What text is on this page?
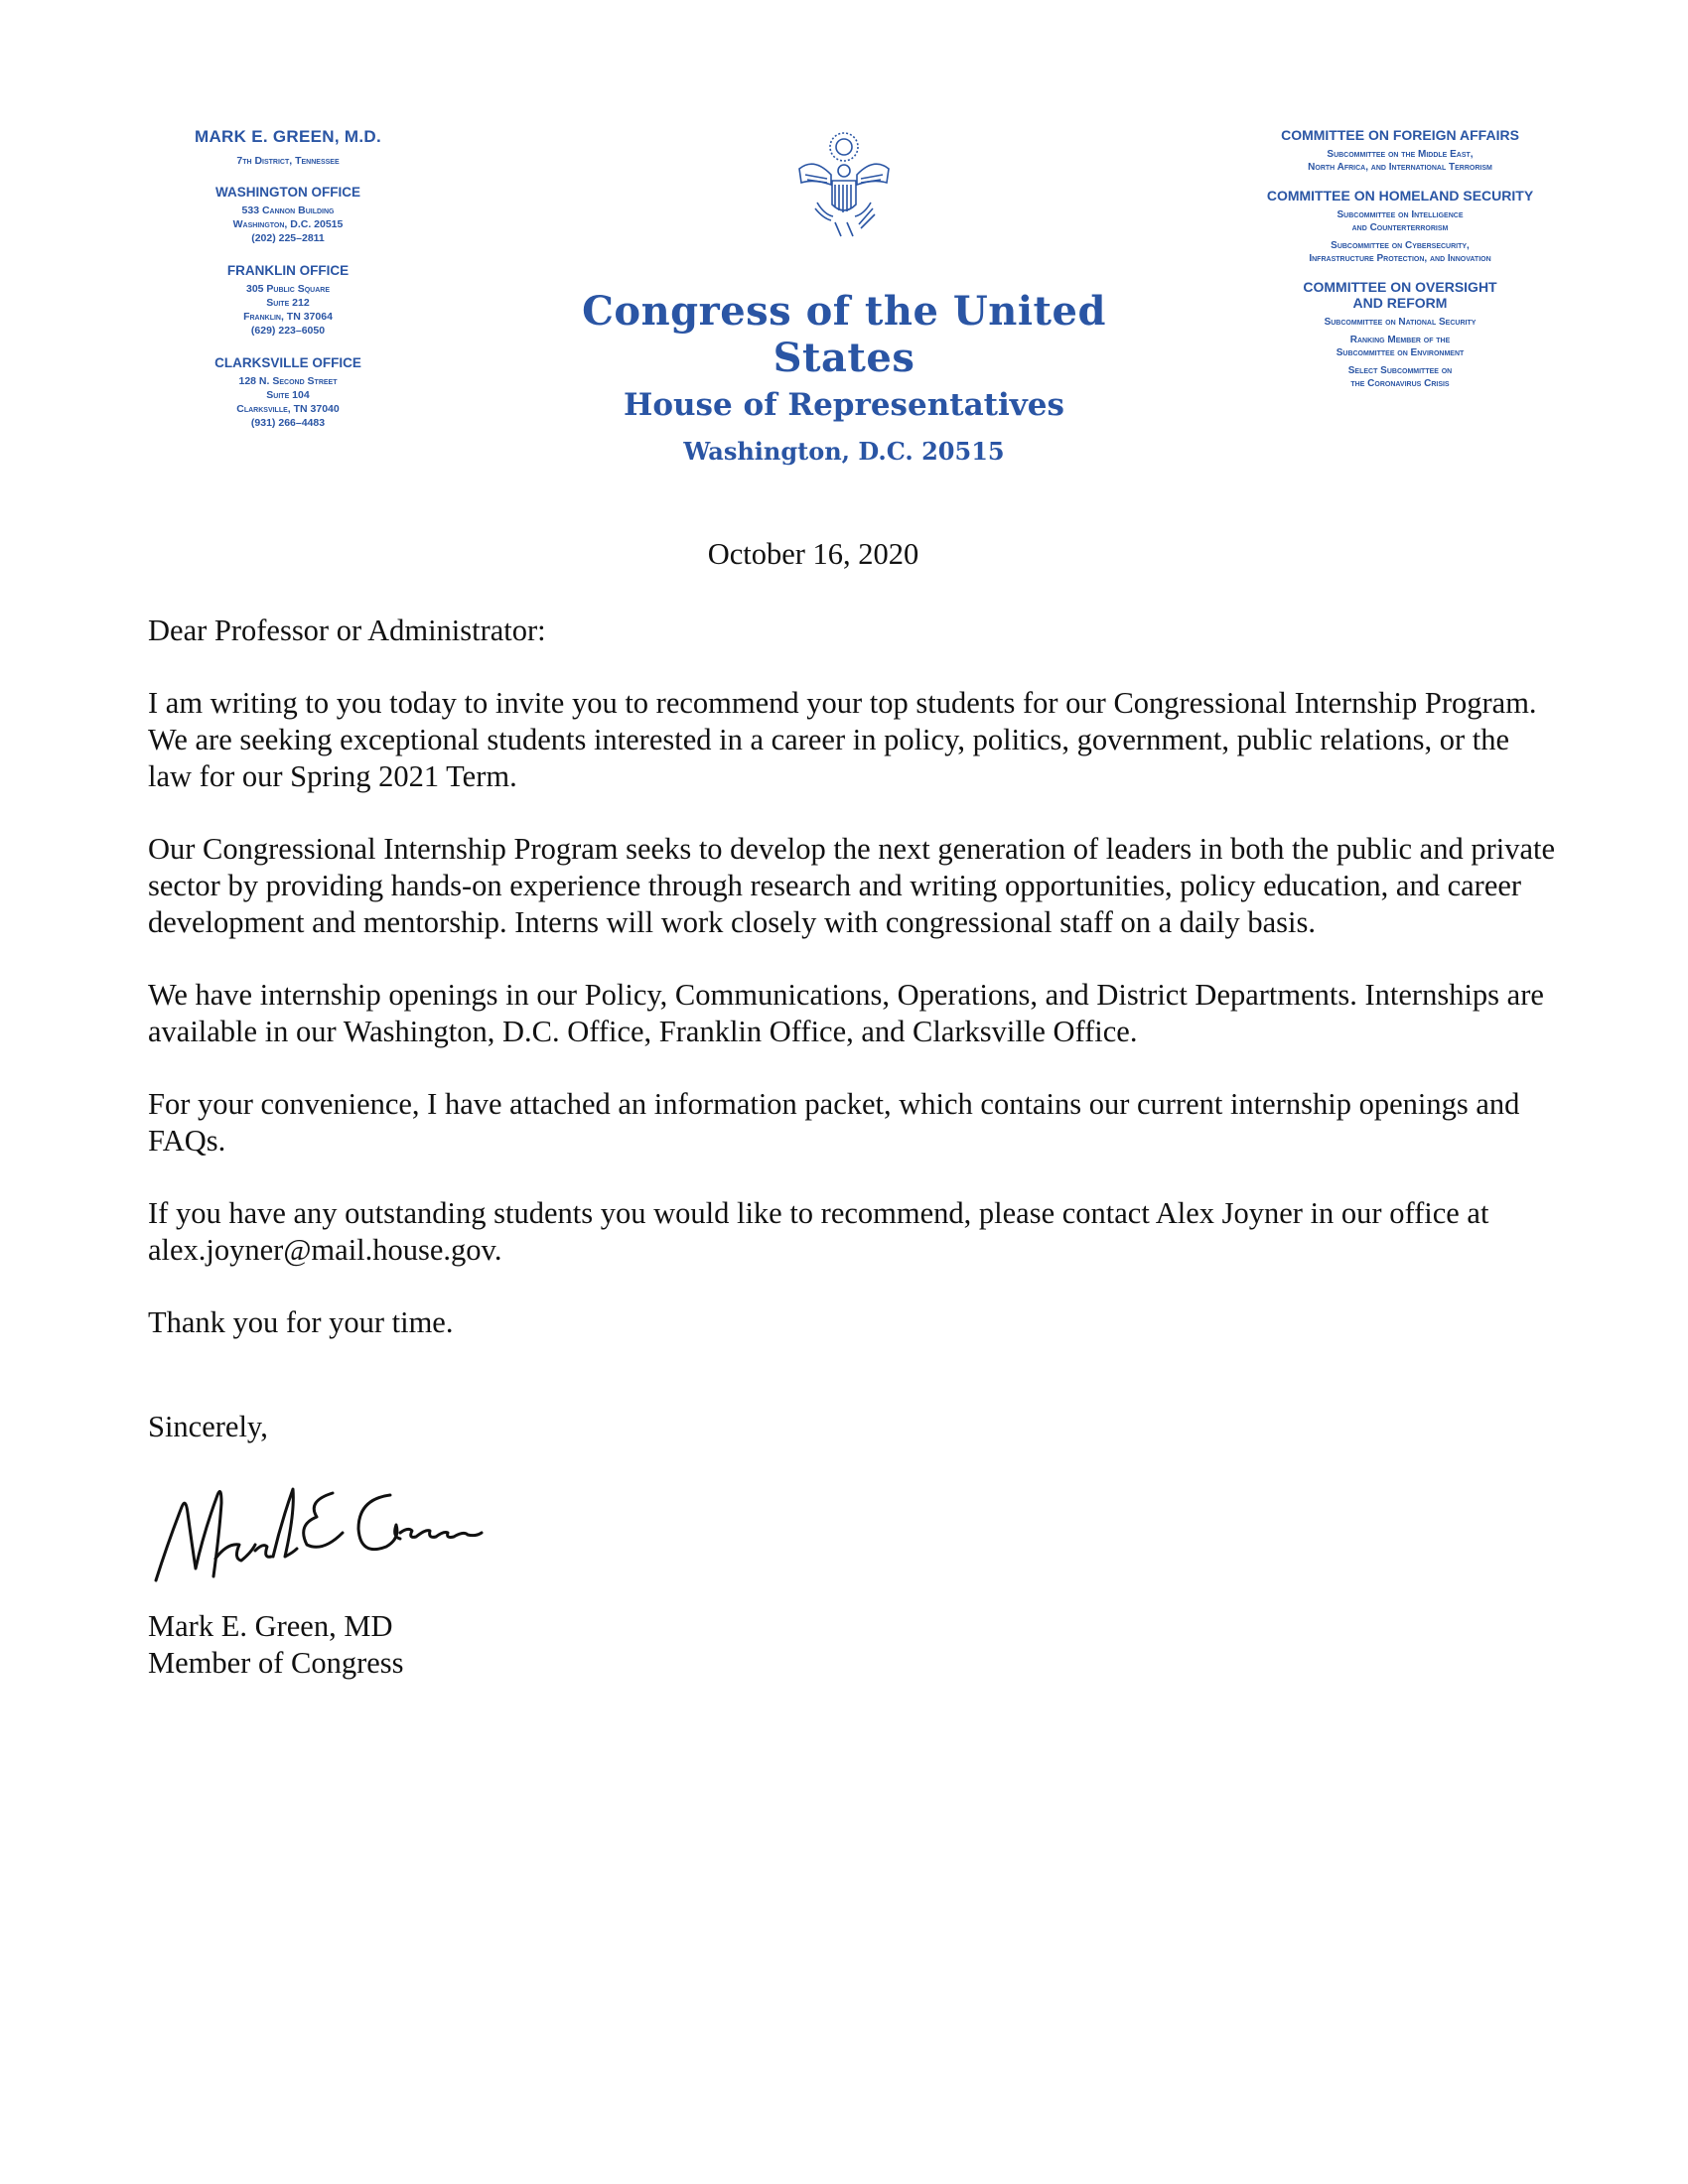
MARK E. GREEN, M.D.
7th District, Tennessee
WASHINGTON OFFICE
533 Cannon Building
Washington, D.C. 20515
(202) 225–2811
FRANKLIN OFFICE
305 Public Square
Suite 212
Franklin, TN 37064
(629) 223–6050
CLARKSVILLE OFFICE
128 N. Second Street
Suite 104
Clarksville, TN 37040
(931) 266–4483
Congress of the United States
House of Representatives
Washington, D.C. 20515
COMMITTEE ON FOREIGN AFFAIRS
Subcommittee on the Middle East,
North Africa, and International Terrorism
COMMITTEE ON HOMELAND SECURITY
Subcommittee on Intelligence
and Counterterrorism
Subcommittee on Cybersecurity,
Infrastructure Protection, and Innovation
COMMITTEE ON OVERSIGHT
AND REFORM
Subcommittee on National Security
Ranking Member of the
Subcommittee on Environment
Select Subcommittee on
the Coronavirus Crisis
October 16, 2020
Dear Professor or Administrator:
I am writing to you today to invite you to recommend your top students for our Congressional Internship Program. We are seeking exceptional students interested in a career in policy, politics, government, public relations, or the law for our Spring 2021 Term.
Our Congressional Internship Program seeks to develop the next generation of leaders in both the public and private sector by providing hands-on experience through research and writing opportunities, policy education, and career development and mentorship. Interns will work closely with congressional staff on a daily basis.
We have internship openings in our Policy, Communications, Operations, and District Departments. Internships are available in our Washington, D.C. Office, Franklin Office, and Clarksville Office.
For your convenience, I have attached an information packet, which contains our current internship openings and FAQs.
If you have any outstanding students you would like to recommend, please contact Alex Joyner in our office at alex.joyner@mail.house.gov.
Thank you for your time.
Sincerely,
Mark E. Green, MD
Member of Congress
